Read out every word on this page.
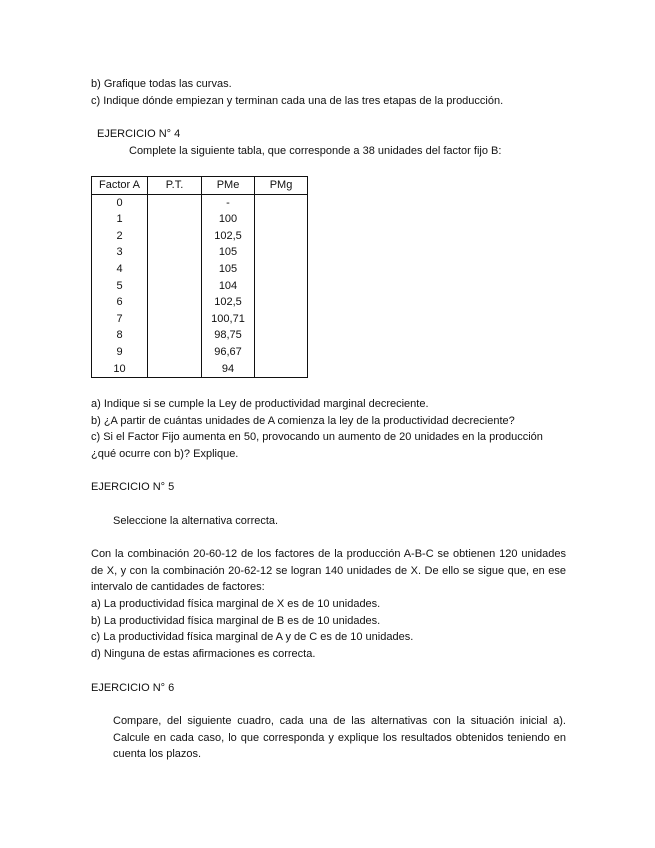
b) Grafique todas las curvas.

c) Indique dónde empiezan y terminan cada una de las tres etapas de la producción.

EJERCICIO N° 4
Complete la siguiente tabla, que corresponde a 38 unidades del factor fijo B:
Factor A	P.T.	PMe	PMg
0		-	
1		100	
2		102,5	
3		105	
4		105	
5		104	
6		102,5	
7		100,71	
8		98,75	
9		96,67	
10		94	

a) Indique si se cumple la Ley de productividad marginal decreciente.

b) ¿A partir de cuántas unidades de A comienza la ley de la productividad decreciente?

c) Si el Factor Fijo aumenta en 50, provocando un aumento de 20 unidades en la producción

¿qué ocurre con b)? Explique.

EJERCICIO N° 5
Seleccione la alternativa correcta.

Con la combinación 20-60-12 de los factores de la producción A-B-C se obtienen 120 unidades de X, y con la combinación 20-62-12 se logran 140 unidades de X. De ello se sigue que, en ese intervalo de cantidades de factores:

a) La productividad física marginal de X es de 10 unidades.

b) La productividad física marginal de B es de 10 unidades.

c) La productividad física marginal de A y de C es de 10 unidades.

d) Ninguna de estas afirmaciones es correcta.

EJERCICIO N° 6

Compare, del siguiente cuadro, cada una de las alternativas con la situación inicial a). Calcule en cada caso, lo que corresponda y explique los resultados obtenidos teniendo en cuenta los plazos.
